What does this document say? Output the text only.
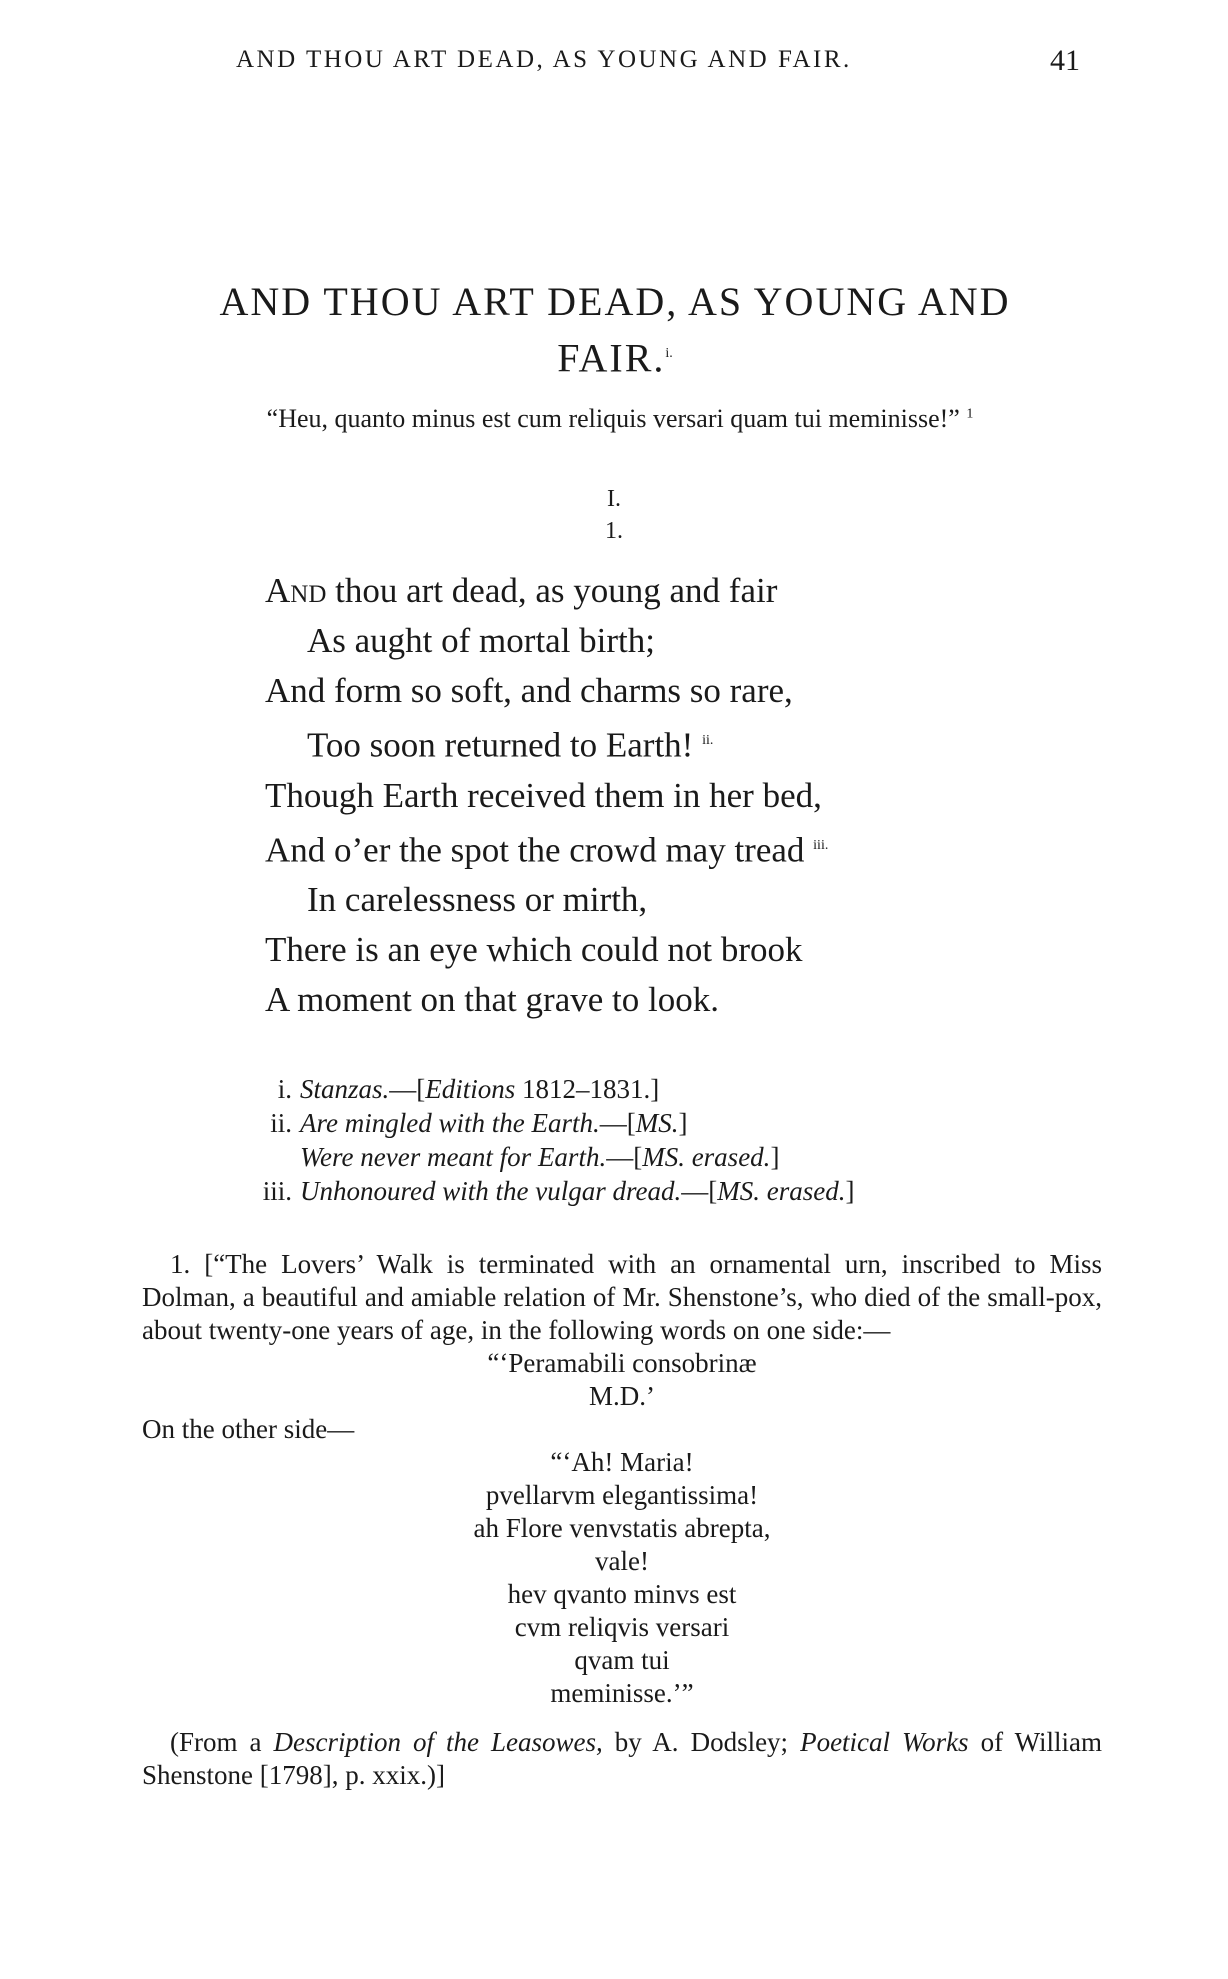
AND THOU ART DEAD, AS YOUNG AND FAIR.	41
AND THOU ART DEAD, AS YOUNG AND
FAIR.$^{i.}$
“Heu, quanto minus est cum reliquis versari quam tui meminisse!” $^1$
I.
1.
And thou art dead, as young and fair
As aught of mortal birth;
And form so soft, and charms so rare,
Too soon returned to Earth! $^{ii.}$
Though Earth received them in her bed,
And o’er the spot the crowd may tread $^{iii.}$
In carelessness or mirth,
There is an eye which could not brook
A moment on that grave to look.
i. Stanzas.—[Editions 1812–1831.]
ii. Are mingled with the Earth.—[MS.]
Were never meant for Earth.—[MS. erased.]
iii. Unhonoured with the vulgar dread.—[MS. erased.]

1. [“The Lovers’ Walk is terminated with an ornamental urn, inscribed to Miss Dolman, a beautiful and amiable relation of Mr. Shenstone’s, who died of the small-pox, about twenty-one years of age, in the following words on one side:—

“‘Peramabili consobrinæ
M.D.’

On the other side—

“‘Ah! Maria!
pvellarvm elegantissima!
ah Flore venvstatis abrepta,
vale!
hev qvanto minvs est
cvm reliqvis versari
qvam tui
meminisse.’”

(From a Description of the Leasowes, by A. Dodsley; Poetical Works of William Shenstone [1798], p. xxix.)]
